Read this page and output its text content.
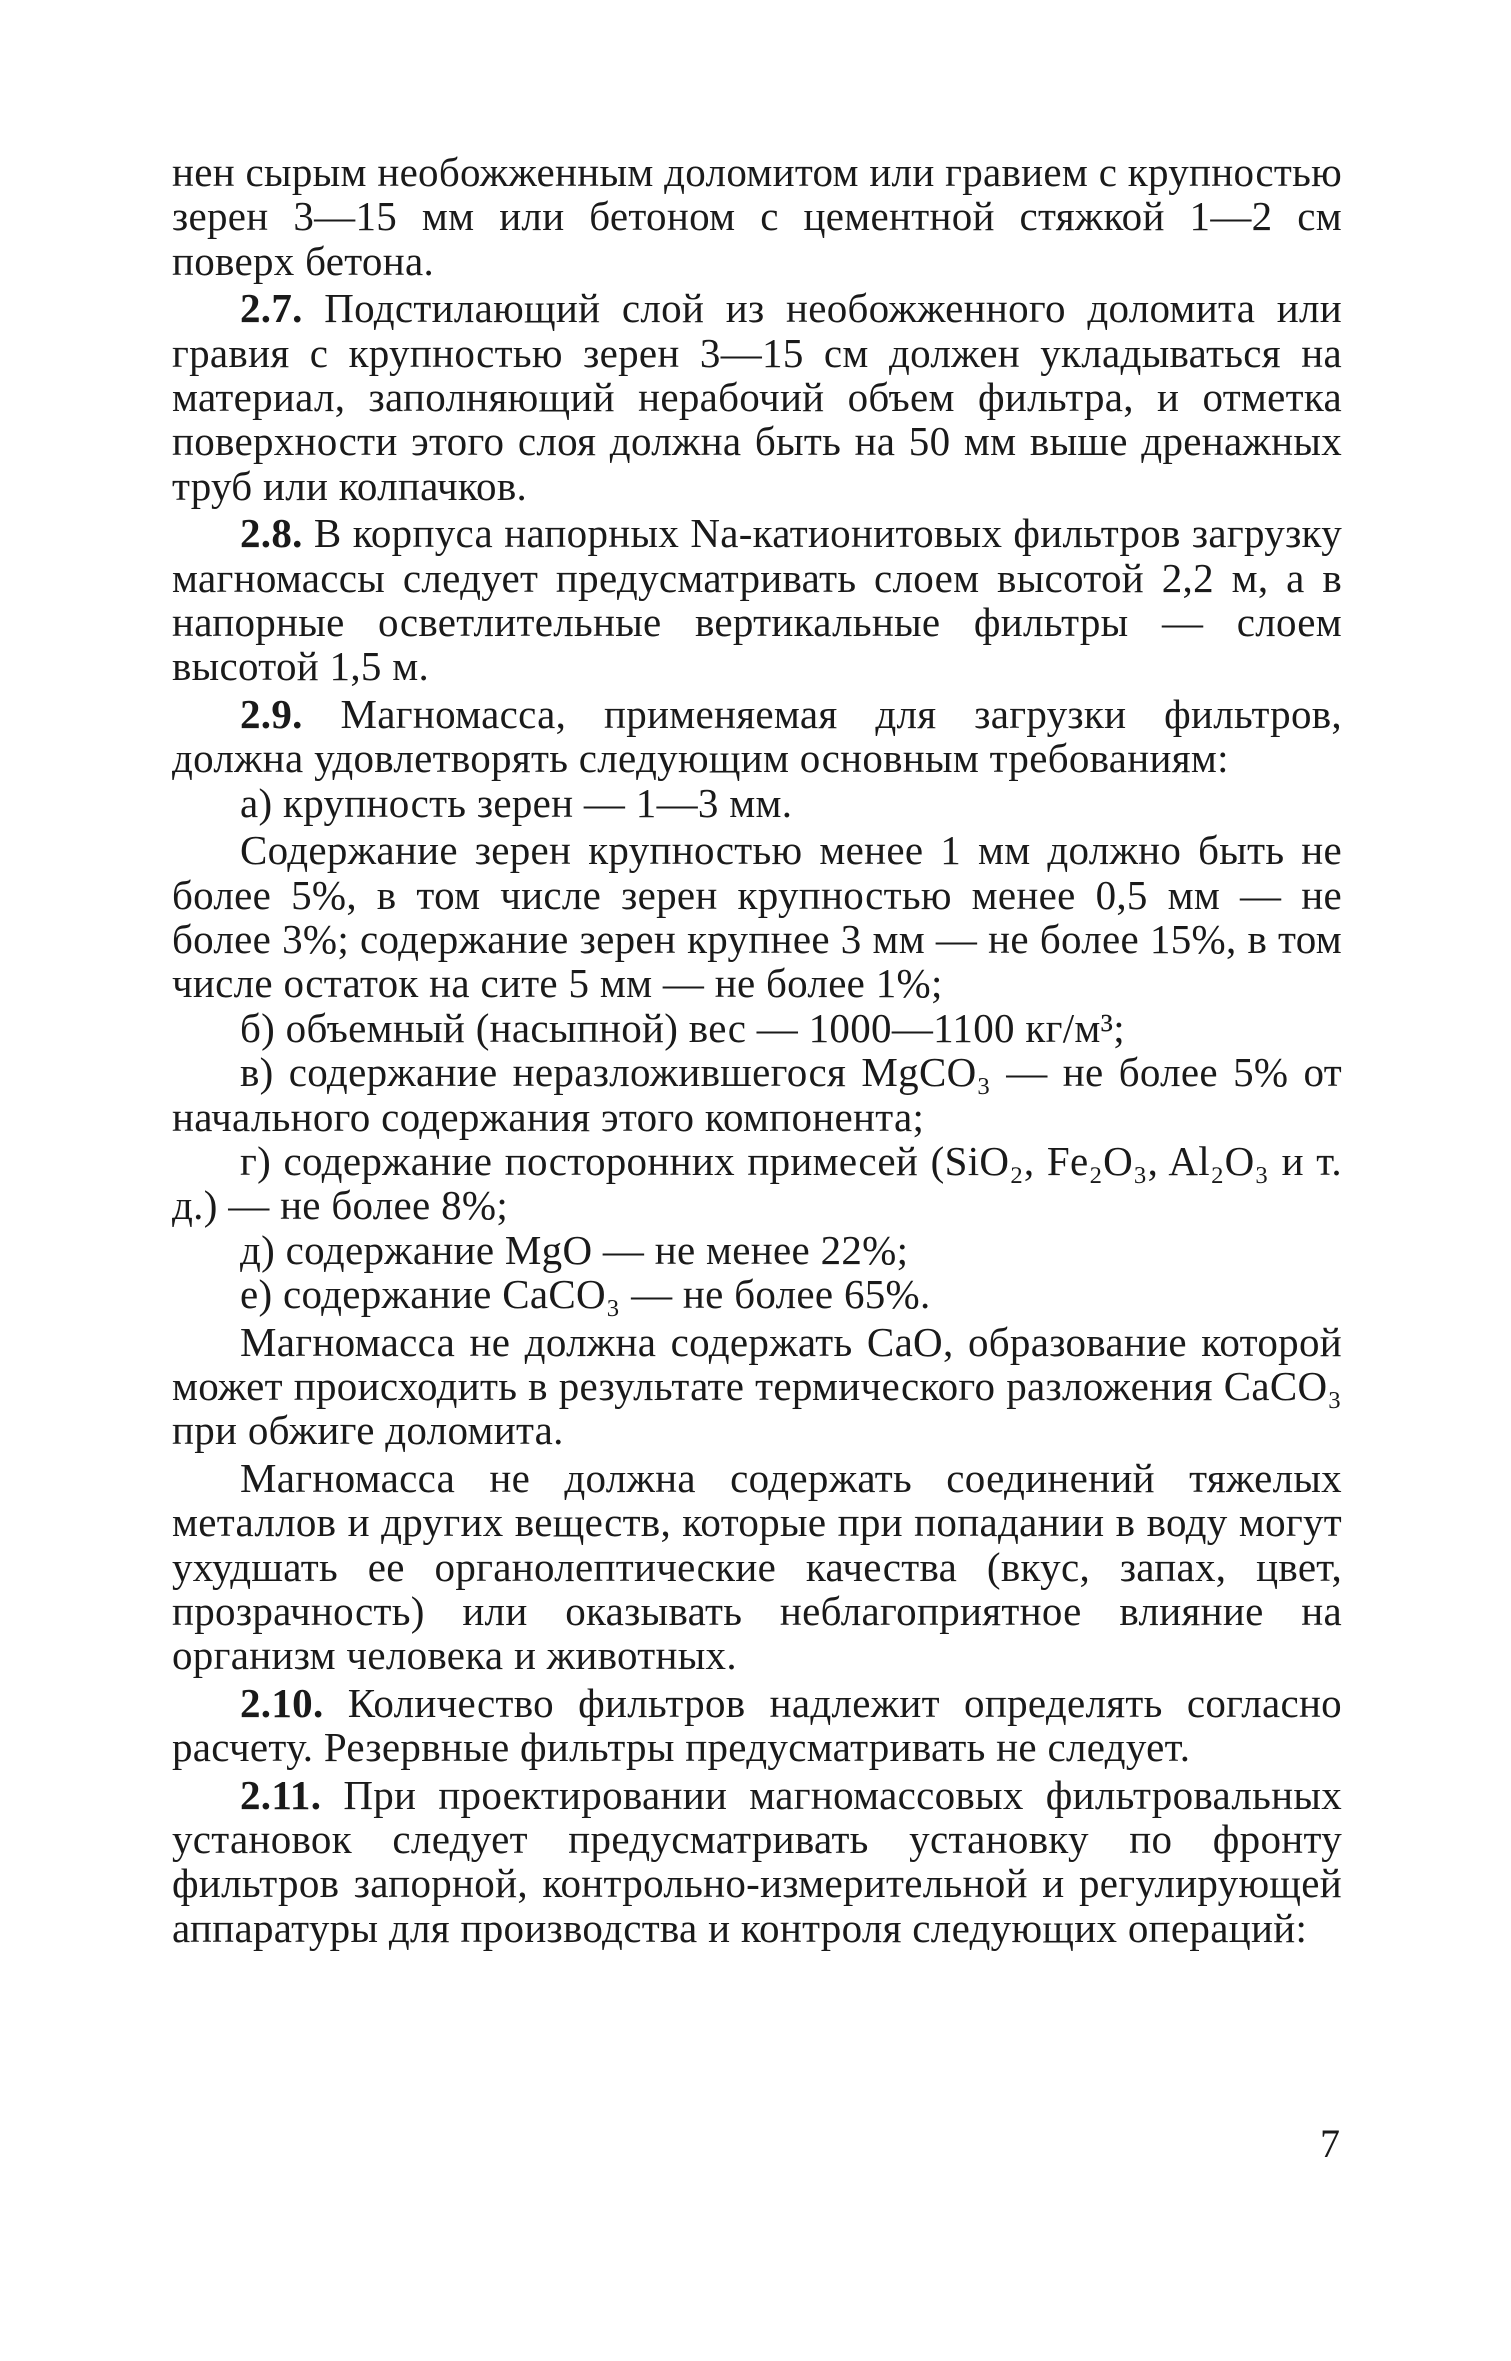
нен сырым необожженным доломитом или гравием с крупностью зерен 3—15 мм или бетоном с цементной стяжкой 1—2 см поверх бетона.

2.7. Подстилающий слой из необожженного доломита или гравия с крупностью зерен 3—15 см должен укладываться на материал, заполняющий нерабочий объем фильтра, и отметка поверхности этого слоя должна быть на 50 мм выше дренажных труб или колпачков.

2.8. В корпуса напорных Na-катионитовых фильтров загрузку магномассы следует предусматривать слоем высотой 2,2 м, а в напорные осветлительные вертикальные фильтры — слоем высотой 1,5 м.

2.9. Магномасса, применяемая для загрузки фильтров, должна удовлетворять следующим основным требованиям:

а) крупность зерен — 1—3 мм.

Содержание зерен крупностью менее 1 мм должно быть не более 5%, в том числе зерен крупностью менее 0,5 мм — не более 3%; содержание зерен крупнее 3 мм — не более 15%, в том числе остаток на сите 5 мм — не более 1%;

б) объемный (насыпной) вес — 1000—1100 кг/м³;

в) содержание неразложившегося MgCO₃ — не более 5% от начального содержания этого компонента;

г) содержание посторонних примесей (SiO₂, Fe₂O₃, Al₂O₃ и т. д.) — не более 8%;

д) содержание MgO — не менее 22%;

е) содержание CaCO₃ — не более 65%.

Магномасса не должна содержать CaO, образование которой может происходить в результате термического разложения CaCO₃ при обжиге доломита.

Магномасса не должна содержать соединений тяжелых металлов и других веществ, которые при попадании в воду могут ухудшать ее органолептические качества (вкус, запах, цвет, прозрачность) или оказывать неблагоприятное влияние на организм человека и животных.

2.10. Количество фильтров надлежит определять согласно расчету. Резервные фильтры предусматривать не следует.

2.11. При проектировании магномассовых фильтровальных установок следует предусматривать установку по фронту фильтров запорной, контрольно-измерительной и регулирующей аппаратуры для производства и контроля следующих операций:

7
